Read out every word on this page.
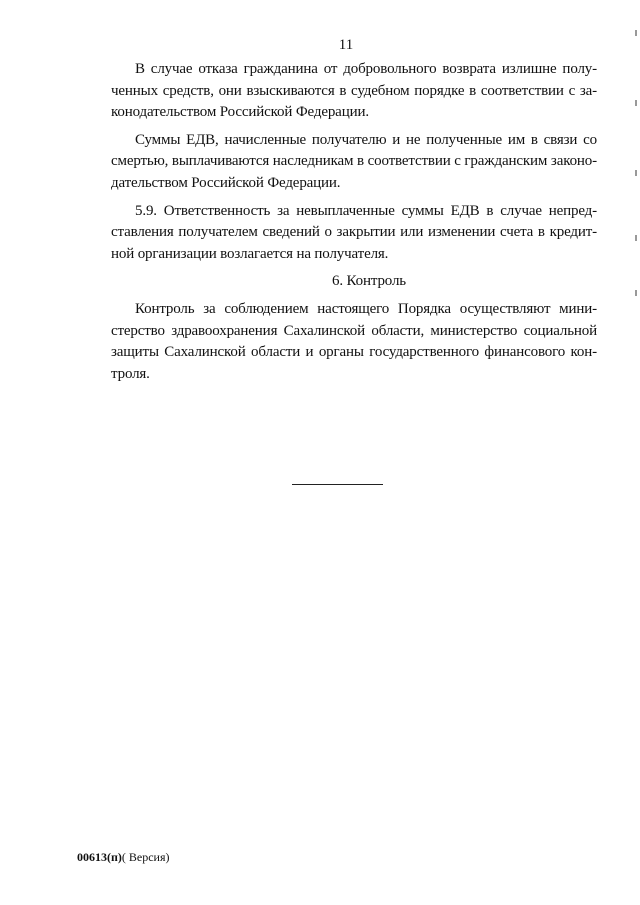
11

В случае отказа гражданина от добровольного возврата излишне полу-
ченных средств, они взыскиваются в судебном порядке в соответствии с за-
конодательством Российской Федерации.

Суммы ЕДВ, начисленные получателю и не полученные им в связи со
смертью, выплачиваются наследникам в соответствии с гражданским законо-
дательством Российской Федерации.

5.9. Ответственность за невыплаченные суммы ЕДВ в случае непред-
ставления получателем сведений о закрытии или изменении счета в кредит-
ной организации возлагается на получателя.

6. Контроль

Контроль за соблюдением настоящего Порядка осуществляют мини-
стерство здравоохранения Сахалинской области, министерство социальной
защиты Сахалинской области и органы государственного финансового кон-
троля.

00613(п)( Версия)
